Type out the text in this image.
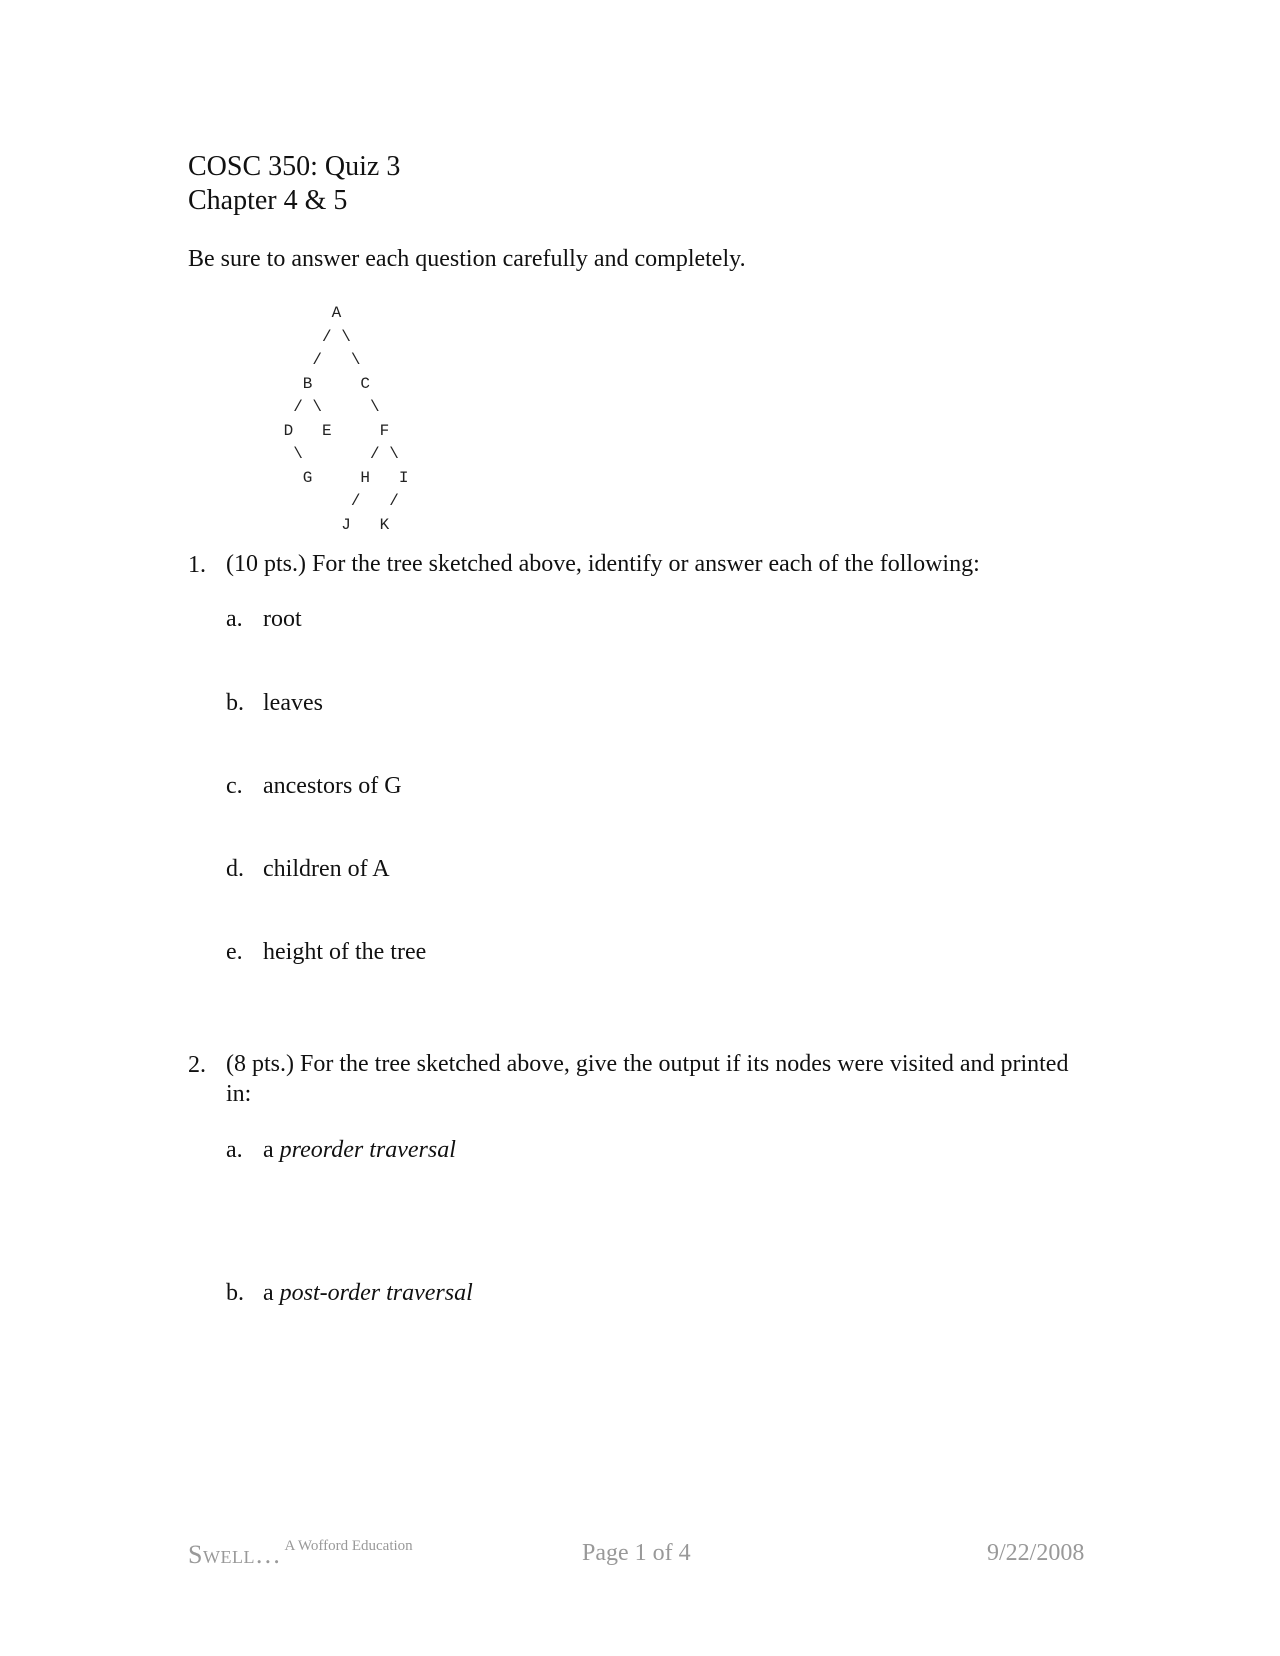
COSC 350: Quiz 3
Chapter 4 & 5
Be sure to answer each question carefully and completely.
A
/ \
/   \
B     C
/ \     \
D   E     F
\       / \
G     H   I
/   /
J   K
1. (10 pts.) For the tree sketched above, identify or answer each of the following:
a. root
b. leaves
c. ancestors of G
d. children of A
e. height of the tree
2. (8 pts.) For the tree sketched above, give the output if its nodes were visited and printed in:
a. a preorder traversal
b. a post-order traversal
Swell… $^{A Wofford Education}$	Page 1 of 4	9/22/2008
